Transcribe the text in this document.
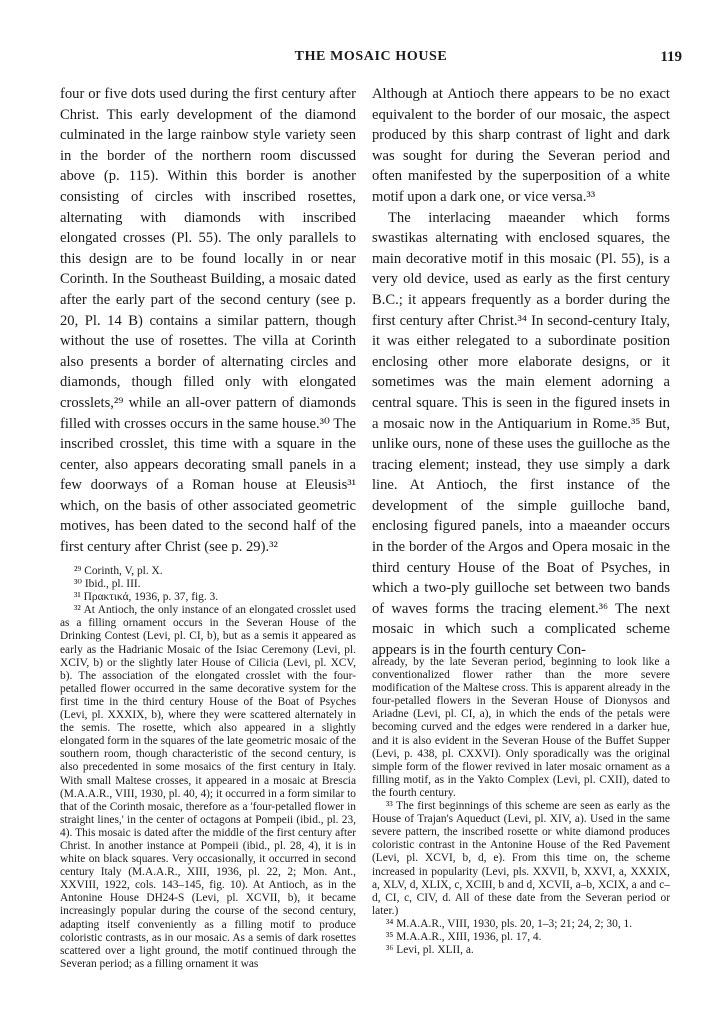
THE MOSAIC HOUSE	119

four or five dots used during the first century after Christ. This early development of the diamond culminated in the large rainbow style variety seen in the border of the northern room discussed above (p. 115). Within this border is another consisting of circles with inscribed rosettes, alternating with diamonds with inscribed elongated crosses (Pl. 55). The only parallels to this design are to be found locally in or near Corinth. In the Southeast Building, a mosaic dated after the early part of the second century (see p. 20, Pl. 14 B) contains a similar pattern, though without the use of rosettes. The villa at Corinth also presents a border of alternating circles and diamonds, though filled only with elongated crosslets,²⁹ while an all-over pattern of diamonds filled with crosses occurs in the same house.³⁰ The inscribed crosslet, this time with a square in the center, also appears decorating small panels in a few doorways of a Roman house at Eleusis³¹ which, on the basis of other associated geometric motives, has been dated to the second half of the first century after Christ (see p. 29).³²

Although at Antioch there appears to be no exact equivalent to the border of our mosaic, the aspect produced by this sharp contrast of light and dark was sought for during the Severan period and often manifested by the superposition of a white motif upon a dark one, or vice versa.³³

The interlacing maeander which forms swastikas alternating with enclosed squares, the main decorative motif in this mosaic (Pl. 55), is a very old device, used as early as the first century B.C.; it appears frequently as a border during the first century after Christ.³⁴ In second-century Italy, it was either relegated to a subordinate position enclosing other more elaborate designs, or it sometimes was the main element adorning a central square. This is seen in the figured insets in a mosaic now in the Antiquarium in Rome.³⁵ But, unlike ours, none of these uses the guilloche as the tracing element; instead, they use simply a dark line. At Antioch, the first instance of the development of the simple guilloche band, enclosing figured panels, into a maeander occurs in the border of the Argos and Opera mosaic in the third century House of the Boat of Psyches, in which a two-ply guilloche set between two bands of waves forms the tracing element.³⁶ The next mosaic in which such a complicated scheme appears is in the fourth century Con-

²⁹ Corinth, V, pl. X.

³⁰ Ibid., pl. III.

³¹ Πρακτικά, 1936, p. 37, fig. 3.

³² At Antioch, the only instance of an elongated crosslet used as a filling ornament occurs in the Severan House of the Drinking Contest (Levi, pl. CI, b), but as a semis it appeared as early as the Hadrianic Mosaic of the Isiac Ceremony (Levi, pl. XCIV, b) or the slightly later House of Cilicia (Levi, pl. XCV, b). The association of the elongated crosslet with the four-petalled flower occurred in the same decorative system for the first time in the third century House of the Boat of Psyches (Levi, pl. XXXIX, b), where they were scattered alternately in the semis. The rosette, which also appeared in a slightly elongated form in the squares of the late geometric mosaic of the southern room, though characteristic of the second century, is also precedented in some mosaics of the first century in Italy. With small Maltese crosses, it appeared in a mosaic at Brescia (M.A.A.R., VIII, 1930, pl. 40, 4); it occurred in a form similar to that of the Corinth mosaic, therefore as a 'four-petalled flower in straight lines,' in the center of octagons at Pompeii (ibid., pl. 23, 4). This mosaic is dated after the middle of the first century after Christ. In another instance at Pompeii (ibid., pl. 28, 4), it is in white on black squares. Very occasionally, it occurred in second century Italy (M.A.A.R., XIII, 1936, pl. 22, 2; Mon. Ant., XXVIII, 1922, cols. 143–145, fig. 10). At Antioch, as in the Antonine House DH24-S (Levi, pl. XCVII, b), it became increasingly popular during the course of the second century, adapting itself conveniently as a filling motif to produce coloristic contrasts, as in our mosaic. As a semis of dark rosettes scattered over a light ground, the motif continued through the Severan period; as a filling ornament it was

already, by the late Severan period, beginning to look like a conventionalized flower rather than the more severe modification of the Maltese cross. This is apparent already in the four-petalled flowers in the Severan House of Dionysos and Ariadne (Levi, pl. CI, a), in which the ends of the petals were becoming curved and the edges were rendered in a darker hue, and it is also evident in the Severan House of the Buffet Supper (Levi, p. 438, pl. CXXVI). Only sporadically was the original simple form of the flower revived in later mosaic ornament as a filling motif, as in the Yakto Complex (Levi, pl. CXII), dated to the fourth century.

³³ The first beginnings of this scheme are seen as early as the House of Trajan's Aqueduct (Levi, pl. XIV, a). Used in the same severe pattern, the inscribed rosette or white diamond produces coloristic contrast in the Antonine House of the Red Pavement (Levi, pl. XCVI, b, d, e). From this time on, the scheme increased in popularity (Levi, pls. XXVII, b, XXVI, a, XXXIX, a, XLV, d, XLIX, c, XCIII, b and d, XCVII, a–b, XCIX, a and c–d, CI, c, CIV, d. All of these date from the Severan period or later.)

³⁴ M.A.A.R., VIII, 1930, pls. 20, 1–3; 21; 24, 2; 30, 1.

³⁵ M.A.A.R., XIII, 1936, pl. 17, 4.

³⁶ Levi, pl. XLII, a.
